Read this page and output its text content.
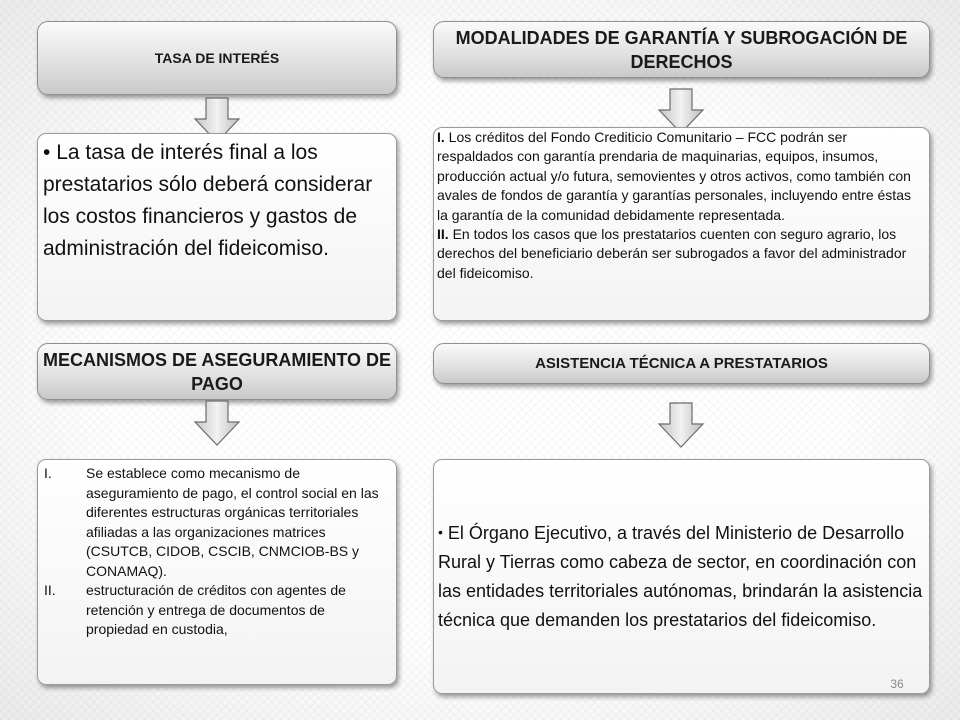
TASA DE INTERÉS
MODALIDADES DE GARANTÍA Y SUBROGACIÓN DE DERECHOS
MECANISMOS DE ASEGURAMIENTO DE PAGO
ASISTENCIA TÉCNICA A PRESTATARIOS

• La tasa de interés final a los prestatarios sólo deberá considerar los costos financieros y gastos de administración del fideicomiso.

I. Los créditos del Fondo Crediticio Comunitario – FCC podrán ser respaldados con garantía prendaria de maquinarias, equipos, insumos, producción actual y/o futura, semovientes y otros activos, como también con avales de fondos de garantía y garantías personales, incluyendo entre éstas la garantía de la comunidad debidamente representada.
II. En todos los casos que los prestatarios cuenten con seguro agrario, los derechos del beneficiario deberán ser subrogados a favor del administrador del fideicomiso.
I.	Se establece como mecanismo de aseguramiento de pago, el control social en las diferentes estructuras orgánicas territoriales afiliadas a las organizaciones matrices (CSUTCB, CIDOB, CSCIB, CNMCIOB-BS y CONAMAQ).
II.	estructuración de créditos con agentes de retención y entrega de documentos de propiedad en custodia,

• El Órgano Ejecutivo, a través del Ministerio de Desarrollo Rural y Tierras como cabeza de sector, en coordinación con las entidades territoriales autónomas, brindarán la asistencia técnica que demanden los prestatarios del fideicomiso.

36
